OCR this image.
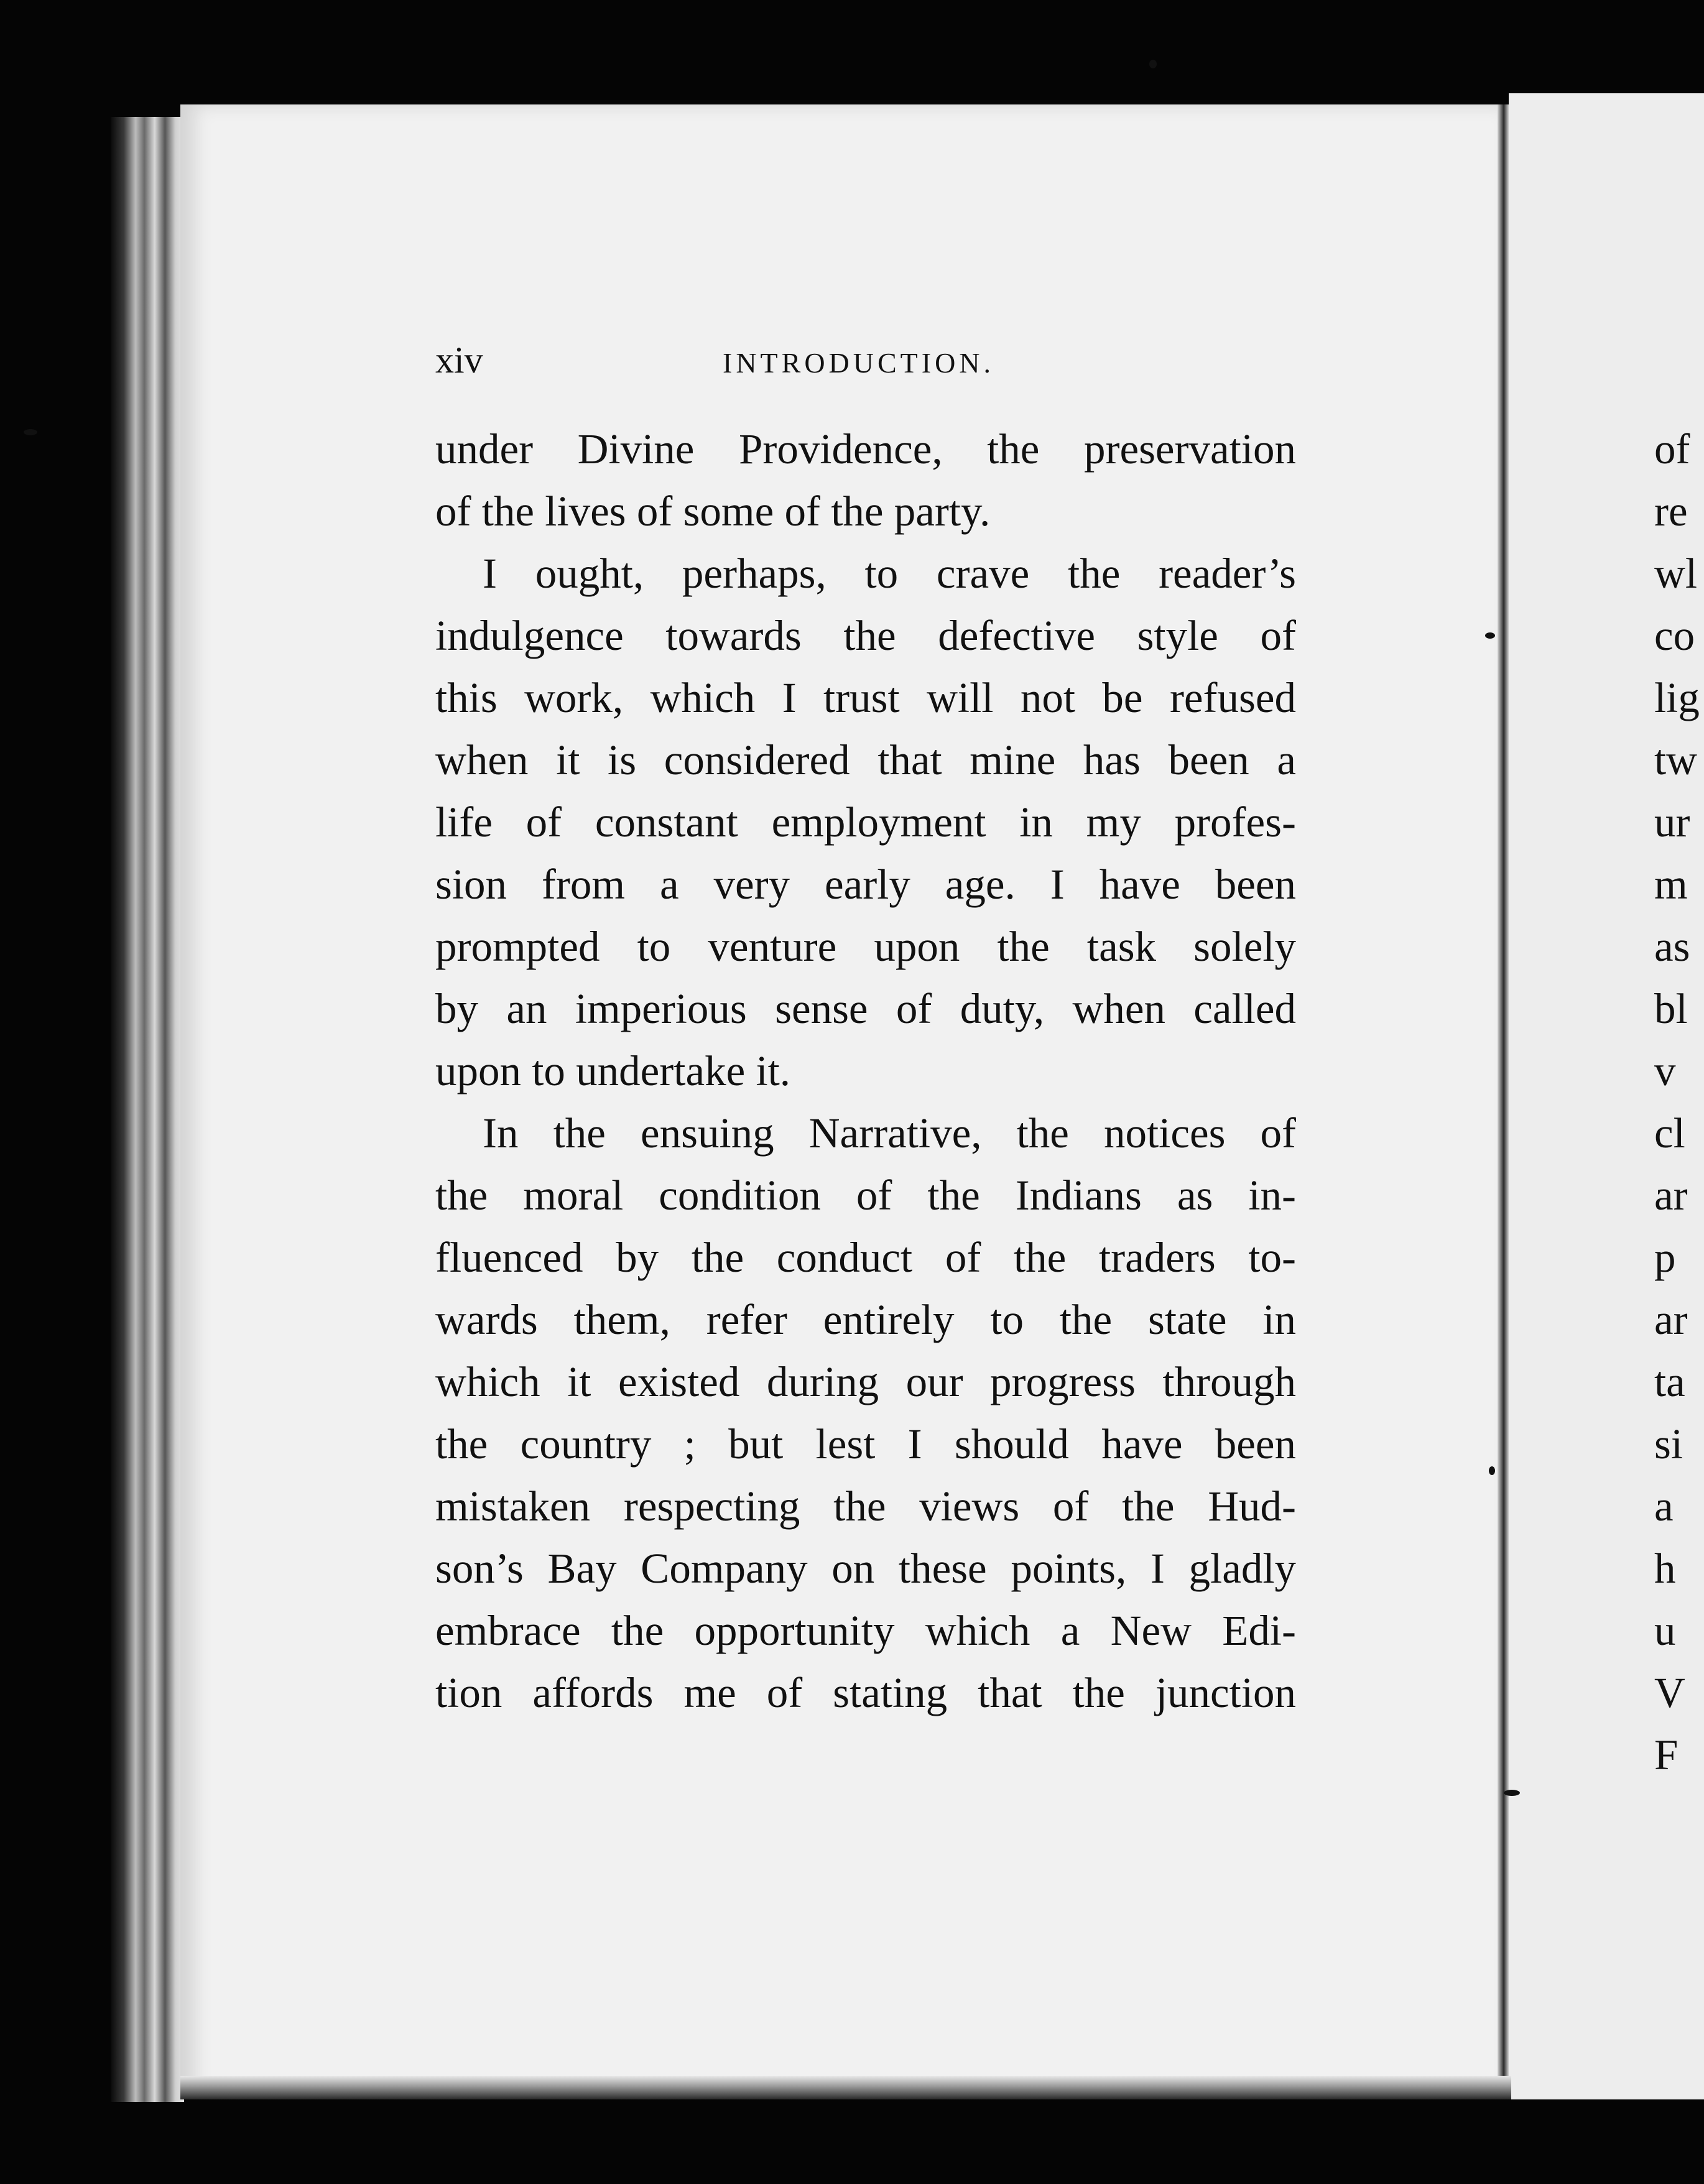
xiv	INTRODUCTION.
under Divine Providence, the preservation
of the lives of some of the party.
I ought, perhaps, to crave the reader’s
indulgence towards the defective style of
this work, which I trust will not be refused
when it is considered that mine has been a
life of constant employment in my profes-
sion from a very early age. I have been
prompted to venture upon the task solely
by an imperious sense of duty, when called
upon to undertake it.
In the ensuing Narrative, the notices of
the moral condition of the Indians as in-
fluenced by the conduct of the traders to-
wards them, refer entirely to the state in
which it existed during our progress through
the country ; but lest I should have been
mistaken respecting the views of the Hud-
son’s Bay Company on these points, I gladly
embrace the opportunity which a New Edi-
tion affords me of stating that the junction
of
re
wl
co
lig
tw
ur
m
as
bl
v
cl
ar
p
ar
ta
si
a
h
u
V
F
